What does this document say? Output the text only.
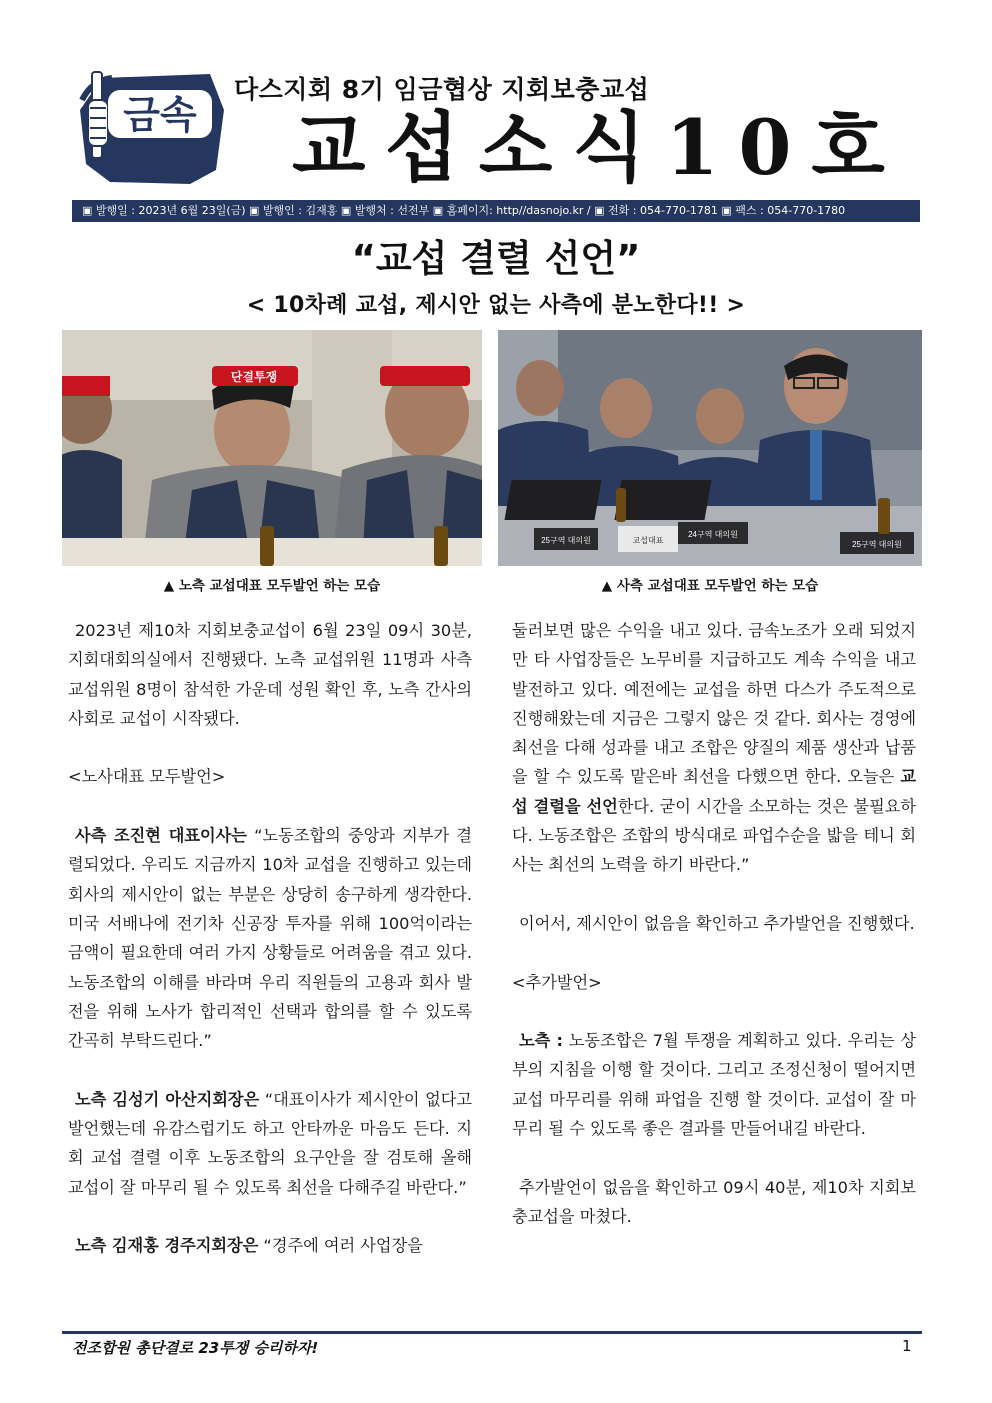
금속
다스지회 8기 임금협상 지회보충교섭
교섭소식10호
▣ 발행일 : 2023년 6월 23일(금) ▣ 발행인 : 김재홍 ▣ 발행처 : 선전부 ▣ 홈페이지: http//dasnojo.kr / ▣ 전화 : 054-770-1781 ▣ 팩스 : 054-770-1780
“교섭 결렬 선언”
< 10차례 교섭, 제시안 없는 사측에 분노한다!! >
단결투쟁
25구역 대의원	교섭대표
24구역 대의원
25구역 대의원
▲ 노측 교섭대표 모두발언 하는 모습	▲ 사측 교섭대표 모두발언 하는 모습

2023년 제10차 지회보충교섭이 6월 23일 09시 30분, 지회대회의실에서 진행됐다. 노측 교섭위원 11명과 사측 교섭위원 8명이 참석한 가운데 성원 확인 후, 노측 간사의 사회로 교섭이 시작됐다.

<노사대표 모두발언>

사측 조진현 대표이사는 “노동조합의 중앙과 지부가 결렬되었다. 우리도 지금까지 10차 교섭을 진행하고 있는데 회사의 제시안이 없는 부분은 상당히 송구하게 생각한다. 미국 서배나에 전기차 신공장 투자를 위해 100억이라는 금액이 필요한데 여러 가지 상황들로 어려움을 겪고 있다. 노동조합의 이해를 바라며 우리 직원들의 고용과 회사 발전을 위해 노사가 합리적인 선택과 합의를 할 수 있도록 간곡히 부탁드린다.”

노측 김성기 아산지회장은 “대표이사가 제시안이 없다고 발언했는데 유감스럽기도 하고 안타까운 마음도 든다. 지회 교섭 결렬 이후 노동조합의 요구안을 잘 검토해 올해 교섭이 잘 마무리 될 수 있도록 최선을 다해주길 바란다.”

노측 김재홍 경주지회장은 “경주에 여러 사업장을

둘러보면 많은 수익을 내고 있다. 금속노조가 오래 되었지만 타 사업장들은 노무비를 지급하고도 계속 수익을 내고 발전하고 있다. 예전에는 교섭을 하면 다스가 주도적으로 진행해왔는데 지금은 그렇지 않은 것 같다. 회사는 경영에 최선을 다해 성과를 내고 조합은 양질의 제품 생산과 납품을 할 수 있도록 맡은바 최선을 다했으면 한다. 오늘은 교섭 결렬을 선언한다. 굳이 시간을 소모하는 것은 불필요하다. 노동조합은 조합의 방식대로 파업수순을 밟을 테니 회사는 최선의 노력을 하기 바란다.”

이어서, 제시안이 없음을 확인하고 추가발언을 진행했다.

<추가발언>

노측 : 노동조합은 7월 투쟁을 계획하고 있다. 우리는 상부의 지침을 이행 할 것이다. 그리고 조정신청이 떨어지면 교섭 마무리를 위해 파업을 진행 할 것이다. 교섭이 잘 마무리 될 수 있도록 좋은 결과를 만들어내길 바란다.

추가발언이 없음을 확인하고 09시 40분, 제10차 지회보충교섭을 마쳤다.

전조합원 총단결로 23투쟁 승리하자!	1
